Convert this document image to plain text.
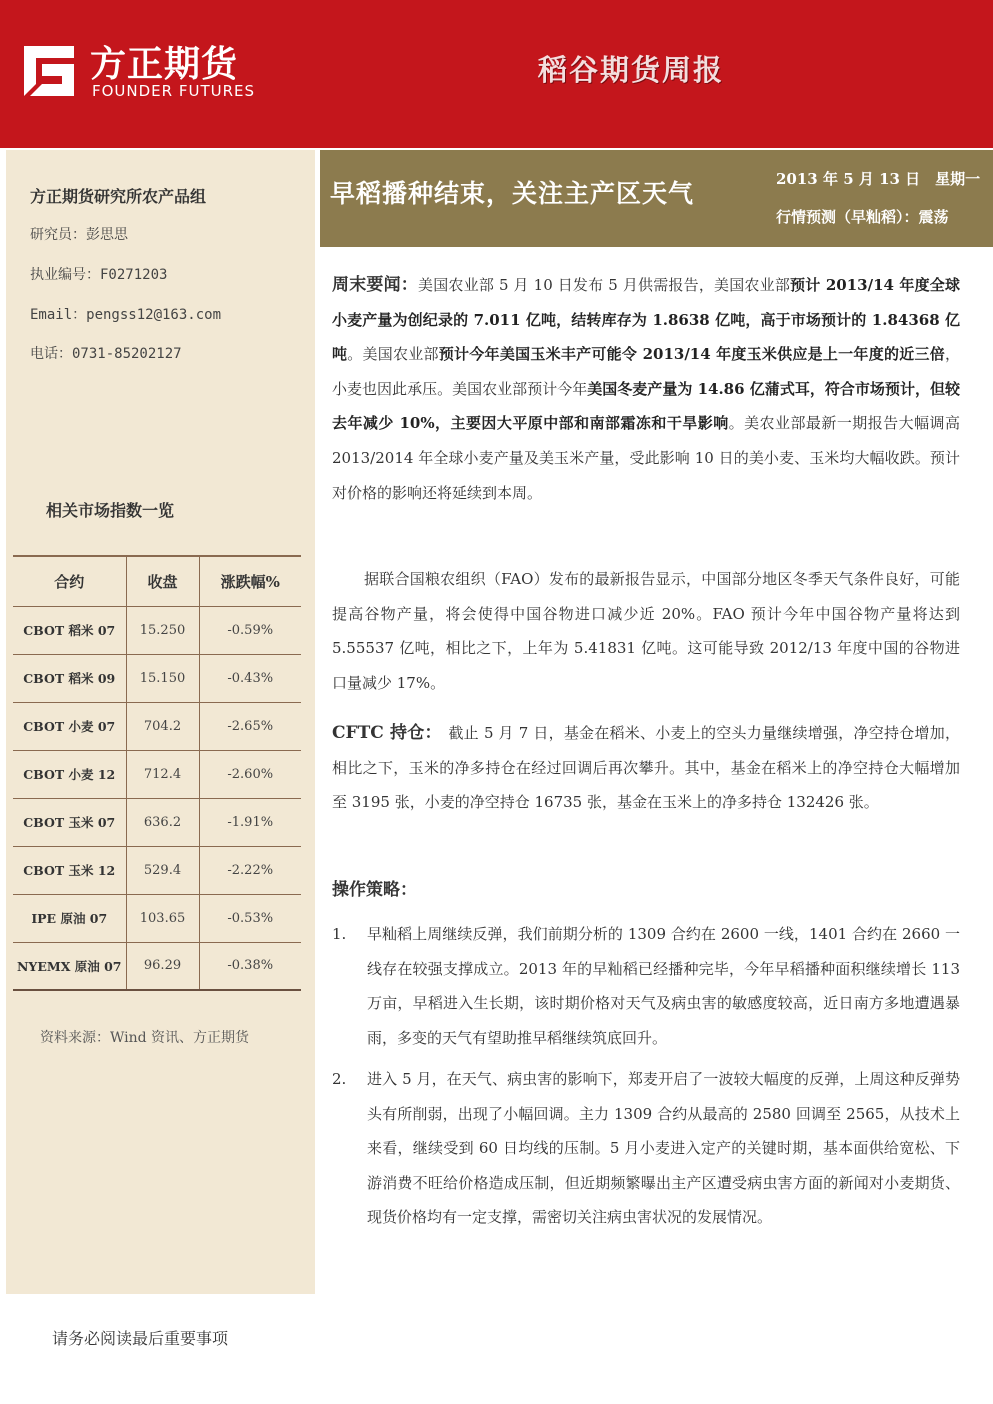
方正期货
FOUNDER FUTURES
稻谷期货周报
方正期货研究所农产品组
研究员：彭思思
执业编号：F0271203
Email：pengss12@163.com
电话：0731-85202127
相关市场指数一览
合约	收盘	涨跌幅%
CBOT 稻米 07	15.250	-0.59%
CBOT 稻米 09	15.150	-0.43%
CBOT 小麦 07	704.2	-2.65%
CBOT 小麦 12	712.4	-2.60%
CBOT 玉米 07	636.2	-1.91%
CBOT 玉米 12	529.4	-2.22%
IPE 原油 07	103.65	-0.53%
NYEMX 原油 07	96.29	-0.38%
资料来源：Wind 资讯、方正期货
早稻播种结束，关注主产区天气	2013 年 5 月 13 日　星期一
行情预测（早籼稻）：震荡
周末要闻：美国农业部 5 月 10 日发布 5 月供需报告，美国农业部预计 2013/14 年度全球小麦产量为创纪录的 7.011 亿吨，结转库存为 1.8638 亿吨，高于市场预计的 1.84368 亿吨。美国农业部预计今年美国玉米丰产可能令 2013/14 年度玉米供应是上一年度的近三倍，小麦也因此承压。美国农业部预计今年美国冬麦产量为 14.86 亿蒲式耳，符合市场预计，但较去年减少 10%，主要因大平原中部和南部霜冻和干旱影响。美农业部最新一期报告大幅调高 2013/2014 年全球小麦产量及美玉米产量，受此影响 10 日的美小麦、玉米均大幅收跌。预计对价格的影响还将延续到本周。
据联合国粮农组织（FAO）发布的最新报告显示，中国部分地区冬季天气条件良好，可能提高谷物产量，将会使得中国谷物进口减少近 20%。FAO 预计今年中国谷物产量将达到 5.55537 亿吨，相比之下，上年为 5.41831 亿吨。这可能导致 2012/13 年度中国的谷物进口量减少 17%。
CFTC 持仓：　 截止 5 月 7 日，基金在稻米、小麦上的空头力量继续增强，净空持仓增加，相比之下，玉米的净多持仓在经过回调后再次攀升。其中，基金在稻米上的净空持仓大幅增加至 3195 张，小麦的净空持仓 16735 张，基金在玉米上的净多持仓 132426 张。
操作策略：
1. 早籼稻上周继续反弹，我们前期分析的 1309 合约在 2600 一线，1401 合约在 2660 一线存在较强支撑成立。2013 年的早籼稻已经播种完毕，今年早稻播种面积继续增长 113 万亩，早稻进入生长期，该时期价格对天气及病虫害的敏感度较高，近日南方多地遭遇暴雨，多变的天气有望助推早稻继续筑底回升。
2. 进入 5 月，在天气、病虫害的影响下，郑麦开启了一波较大幅度的反弹，上周这种反弹势头有所削弱，出现了小幅回调。主力 1309 合约从最高的 2580 回调至 2565，从技术上来看，继续受到 60 日均线的压制。5 月小麦进入定产的关键时期，基本面供给宽松、下游消费不旺给价格造成压制，但近期频繁曝出主产区遭受病虫害方面的新闻对小麦期货、现货价格均有一定支撑，需密切关注病虫害状况的发展情况。
请务必阅读最后重要事项
